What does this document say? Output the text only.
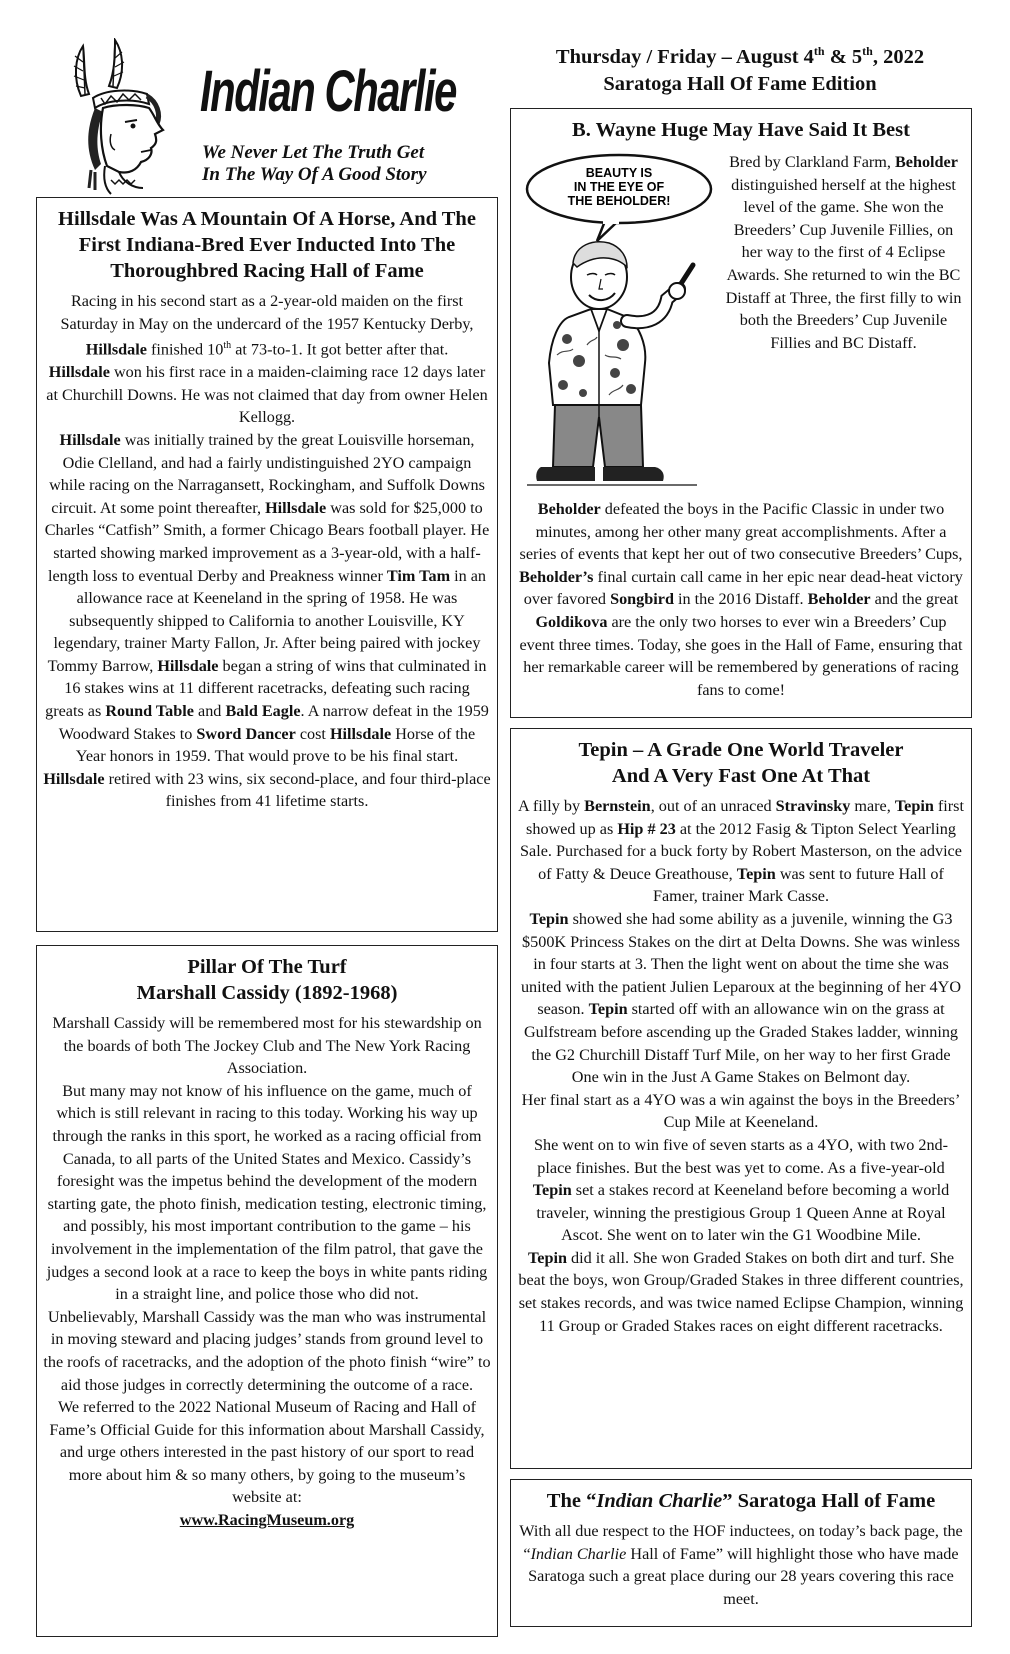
Indian Charlie
We Never Let The Truth Get
In The Way Of A Good Story
Thursday / Friday – August 4th & 5th, 2022
Saratoga Hall Of Fame Edition
Hillsdale Was A Mountain Of A Horse, And The First Indiana-Bred Ever Inducted Into The Thoroughbred Racing Hall of Fame

Racing in his second start as a 2-year-old maiden on the first Saturday in May on the undercard of the 1957 Kentucky Derby, Hillsdale finished 10th at 73-to-1. It got better after that.

Hillsdale won his first race in a maiden-claiming race 12 days later at Churchill Downs. He was not claimed that day from owner Helen Kellogg.

Hillsdale was initially trained by the great Louisville horseman, Odie Clelland, and had a fairly undistinguished 2YO campaign while racing on the Narragansett, Rockingham, and Suffolk Downs circuit. At some point thereafter, Hillsdale was sold for $25,000 to Charles “Catfish” Smith, a former Chicago Bears football player. He started showing marked improvement as a 3-year-old, with a half-length loss to eventual Derby and Preakness winner Tim Tam in an allowance race at Keeneland in the spring of 1958. He was subsequently shipped to California to another Louisville, KY legendary, trainer Marty Fallon, Jr. After being paired with jockey Tommy Barrow, Hillsdale began a string of wins that culminated in 16 stakes wins at 11 different racetracks, defeating such racing greats as Round Table and Bald Eagle. A narrow defeat in the 1959 Woodward Stakes to Sword Dancer cost Hillsdale Horse of the Year honors in 1959. That would prove to be his final start.

Hillsdale retired with 23 wins, six second-place, and four third-place finishes from 41 lifetime starts.

Pillar Of The Turf
Marshall Cassidy (1892-1968)

Marshall Cassidy will be remembered most for his stewardship on the boards of both The Jockey Club and The New York Racing Association.

But many may not know of his influence on the game, much of which is still relevant in racing to this today. Working his way up through the ranks in this sport, he worked as a racing official from Canada, to all parts of the United States and Mexico. Cassidy’s foresight was the impetus behind the development of the modern starting gate, the photo finish, medication testing, electronic timing, and possibly, his most important contribution to the game – his involvement in the implementation of the film patrol, that gave the judges a second look at a race to keep the boys in white pants riding in a straight line, and police those who did not.

Unbelievably, Marshall Cassidy was the man who was instrumental in moving steward and placing judges’ stands from ground level to the roofs of racetracks, and the adoption of the photo finish “wire” to aid those judges in correctly determining the outcome of a race.

We referred to the 2022 National Museum of Racing and Hall of Fame’s Official Guide for this information about Marshall Cassidy, and urge others interested in the past history of our sport to read more about him & so many others, by going to the museum’s website at:

www.RacingMuseum.org

B. Wayne Huge May Have Said It Best
BEAUTY IS
IN THE EYE OF
THE BEHOLDER!
Bred by Clarkland Farm, Beholder distinguished herself at the highest level of the game. She won the Breeders’ Cup Juvenile Fillies, on her way to the first of 4 Eclipse Awards. She returned to win the BC Distaff at Three, the first filly to win both the Breeders’ Cup Juvenile Fillies and BC Distaff.
Beholder defeated the boys in the Pacific Classic in under two minutes, among her other many great accomplishments. After a series of events that kept her out of two consecutive Breeders’ Cups, Beholder’s final curtain call came in her epic near dead-heat victory over favored Songbird in the 2016 Distaff. Beholder and the great Goldikova are the only two horses to ever win a Breeders’ Cup event three times. Today, she goes in the Hall of Fame, ensuring that her remarkable career will be remembered by generations of racing fans to come!
Tepin – A Grade One World Traveler
And A Very Fast One At That

A filly by Bernstein, out of an unraced Stravinsky mare, Tepin first showed up as Hip # 23 at the 2012 Fasig & Tipton Select Yearling Sale. Purchased for a buck forty by Robert Masterson, on the advice of Fatty & Deuce Greathouse, Tepin was sent to future Hall of Famer, trainer Mark Casse.

Tepin showed she had some ability as a juvenile, winning the G3 $500K Princess Stakes on the dirt at Delta Downs. She was winless in four starts at 3. Then the light went on about the time she was united with the patient Julien Leparoux at the beginning of her 4YO season. Tepin started off with an allowance win on the grass at Gulfstream before ascending up the Graded Stakes ladder, winning the G2 Churchill Distaff Turf Mile, on her way to her first Grade One win in the Just A Game Stakes on Belmont day.

Her final start as a 4YO was a win against the boys in the Breeders’ Cup Mile at Keeneland.

She went on to win five of seven starts as a 4YO, with two 2nd-place finishes. But the best was yet to come. As a five-year-old Tepin set a stakes record at Keeneland before becoming a world traveler, winning the prestigious Group 1 Queen Anne at Royal Ascot. She went on to later win the G1 Woodbine Mile.

Tepin did it all. She won Graded Stakes on both dirt and turf. She beat the boys, won Group/Graded Stakes in three different countries, set stakes records, and was twice named Eclipse Champion, winning 11 Group or Graded Stakes races on eight different racetracks.

The “Indian Charlie” Saratoga Hall of Fame
With all due respect to the HOF inductees, on today’s back page, the “Indian Charlie Hall of Fame” will highlight those who have made Saratoga such a great place during our 28 years covering this race meet.
